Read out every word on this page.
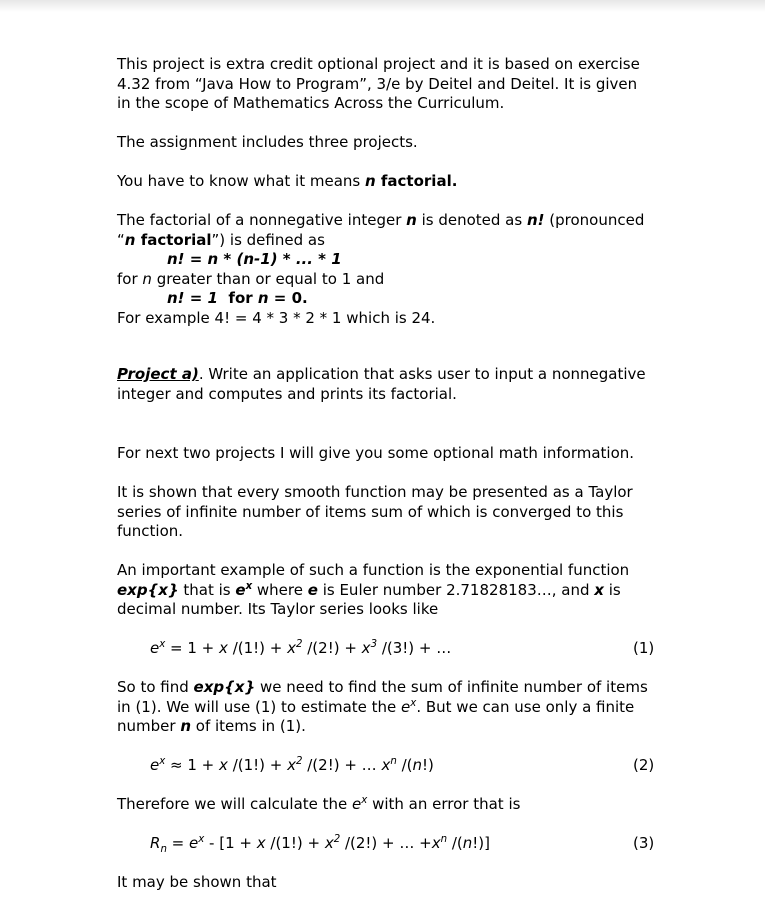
This project is extra credit optional project and it is based on exercise
4.32 from “Java How to Program”, 3/e by Deitel and Deitel. It is given
in the scope of Mathematics Across the Curriculum.

The assignment includes three projects.

You have to know what it means n factorial.

The factorial of a nonnegative integer n is denoted as n! (pronounced
“n factorial”) is defined as
n! = n * (n-1) * ... * 1
for n greater than or equal to 1 and
n! = 1  for n = 0.
For example 4! = 4 * 3 * 2 * 1 which is 24.

Project a). Write an application that asks user to input a nonnegative
integer and computes and prints its factorial.

For next two projects I will give you some optional math information.

It is shown that every smooth function may be presented as a Taylor
series of infinite number of items sum of which is converged to this
function.

An important example of such a function is the exponential function
exp{x} that is $e^x$ where e is Euler number 2.71828183…, and x is
decimal number. Its Taylor series looks like

$e^x = 1 + x$ $/(1!) + x^2$ $/(2!) + x^3$ /(3!) + …	(1)

So to find exp{x} we need to find the sum of infinite number of items
in (1). We will use (1) to estimate the $e^x$. But we can use only a finite
number n of items in (1).

$e^x \approx 1 + x$ $/(1!) + x^2$ /(2!) + … $x^n$ /(n!)	(2)

Therefore we will calculate the $e^x$ with an error that is

$R_n = e^x - [1 + x$ $/(1!) + x^2$ /(2!) + … $+x^n$ /(n!)]	(3)

It may be shown that
